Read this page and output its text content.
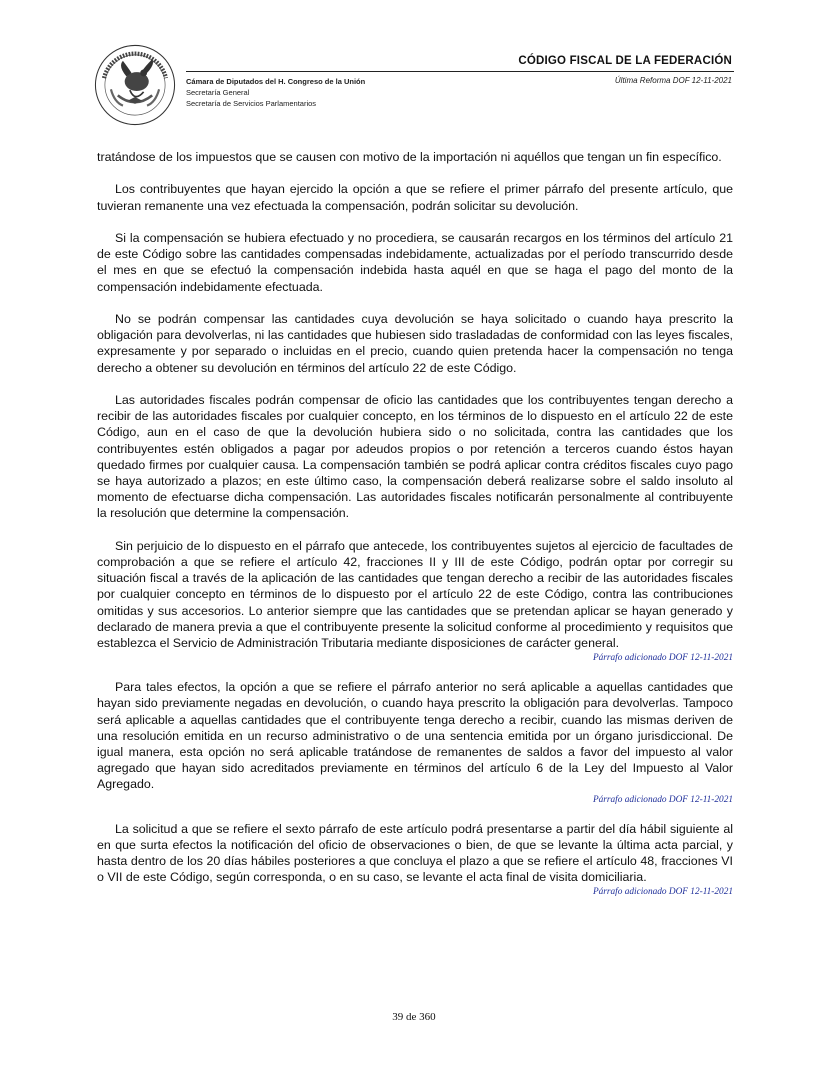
CÓDIGO FISCAL DE LA FEDERACIÓN
Cámara de Diputados del H. Congreso de la Unión
Secretaría General
Secretaría de Servicios Parlamentarios
Última Reforma DOF 12-11-2021

tratándose de los impuestos que se causen con motivo de la importación ni aquéllos que tengan un fin específico.

Los contribuyentes que hayan ejercido la opción a que se refiere el primer párrafo del presente artículo, que tuvieran remanente una vez efectuada la compensación, podrán solicitar su devolución.

Si la compensación se hubiera efectuado y no procediera, se causarán recargos en los términos del artículo 21 de este Código sobre las cantidades compensadas indebidamente, actualizadas por el período transcurrido desde el mes en que se efectuó la compensación indebida hasta aquél en que se haga el pago del monto de la compensación indebidamente efectuada.

No se podrán compensar las cantidades cuya devolución se haya solicitado o cuando haya prescrito la obligación para devolverlas, ni las cantidades que hubiesen sido trasladadas de conformidad con las leyes fiscales, expresamente y por separado o incluidas en el precio, cuando quien pretenda hacer la compensación no tenga derecho a obtener su devolución en términos del artículo 22 de este Código.

Las autoridades fiscales podrán compensar de oficio las cantidades que los contribuyentes tengan derecho a recibir de las autoridades fiscales por cualquier concepto, en los términos de lo dispuesto en el artículo 22 de este Código, aun en el caso de que la devolución hubiera sido o no solicitada, contra las cantidades que los contribuyentes estén obligados a pagar por adeudos propios o por retención a terceros cuando éstos hayan quedado firmes por cualquier causa. La compensación también se podrá aplicar contra créditos fiscales cuyo pago se haya autorizado a plazos; en este último caso, la compensación deberá realizarse sobre el saldo insoluto al momento de efectuarse dicha compensación. Las autoridades fiscales notificarán personalmente al contribuyente la resolución que determine la compensación.

Sin perjuicio de lo dispuesto en el párrafo que antecede, los contribuyentes sujetos al ejercicio de facultades de comprobación a que se refiere el artículo 42, fracciones II y III de este Código, podrán optar por corregir su situación fiscal a través de la aplicación de las cantidades que tengan derecho a recibir de las autoridades fiscales por cualquier concepto en términos de lo dispuesto por el artículo 22 de este Código, contra las contribuciones omitidas y sus accesorios. Lo anterior siempre que las cantidades que se pretendan aplicar se hayan generado y declarado de manera previa a que el contribuyente presente la solicitud conforme al procedimiento y requisitos que establezca el Servicio de Administración Tributaria mediante disposiciones de carácter general.

Párrafo adicionado DOF 12-11-2021

Para tales efectos, la opción a que se refiere el párrafo anterior no será aplicable a aquellas cantidades que hayan sido previamente negadas en devolución, o cuando haya prescrito la obligación para devolverlas. Tampoco será aplicable a aquellas cantidades que el contribuyente tenga derecho a recibir, cuando las mismas deriven de una resolución emitida en un recurso administrativo o de una sentencia emitida por un órgano jurisdiccional. De igual manera, esta opción no será aplicable tratándose de remanentes de saldos a favor del impuesto al valor agregado que hayan sido acreditados previamente en términos del artículo 6 de la Ley del Impuesto al Valor Agregado.

Párrafo adicionado DOF 12-11-2021

La solicitud a que se refiere el sexto párrafo de este artículo podrá presentarse a partir del día hábil siguiente al en que surta efectos la notificación del oficio de observaciones o bien, de que se levante la última acta parcial, y hasta dentro de los 20 días hábiles posteriores a que concluya el plazo a que se refiere el artículo 48, fracciones VI o VII de este Código, según corresponda, o en su caso, se levante el acta final de visita domiciliaria.

Párrafo adicionado DOF 12-11-2021
39 de 360
